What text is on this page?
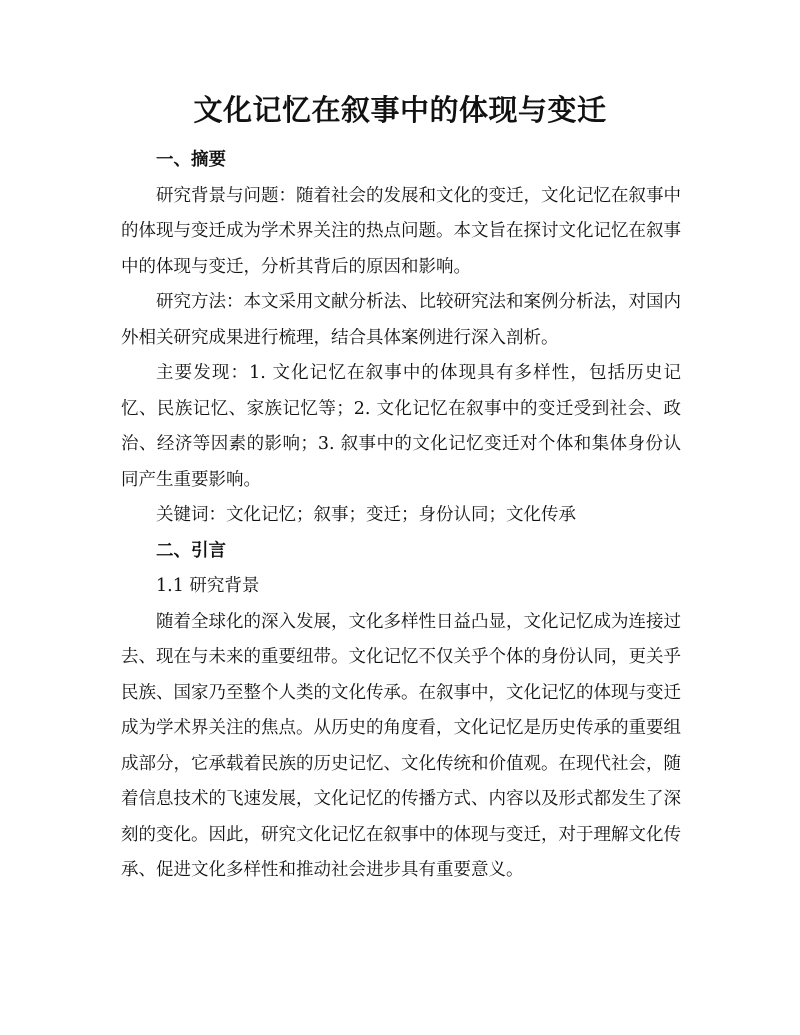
文化记忆在叙事中的体现与变迁

一、摘要

研究背景与问题：随着社会的发展和文化的变迁，文化记忆在叙事中的体现与变迁成为学术界关注的热点问题。本文旨在探讨文化记忆在叙事中的体现与变迁，分析其背后的原因和影响。

研究方法：本文采用文献分析法、比较研究法和案例分析法，对国内外相关研究成果进行梳理，结合具体案例进行深入剖析。

主要发现：1. 文化记忆在叙事中的体现具有多样性，包括历史记忆、民族记忆、家族记忆等；2. 文化记忆在叙事中的变迁受到社会、政治、经济等因素的影响；3. 叙事中的文化记忆变迁对个体和集体身份认同产生重要影响。

关键词：文化记忆；叙事；变迁；身份认同；文化传承

二、引言

1.1 研究背景

随着全球化的深入发展，文化多样性日益凸显，文化记忆成为连接过去、现在与未来的重要纽带。文化记忆不仅关乎个体的身份认同，更关乎民族、国家乃至整个人类的文化传承。在叙事中，文化记忆的体现与变迁成为学术界关注的焦点。从历史的角度看，文化记忆是历史传承的重要组成部分，它承载着民族的历史记忆、文化传统和价值观。在现代社会，随着信息技术的飞速发展，文化记忆的传播方式、内容以及形式都发生了深刻的变化。因此，研究文化记忆在叙事中的体现与变迁，对于理解文化传承、促进文化多样性和推动社会进步具有重要意义。
